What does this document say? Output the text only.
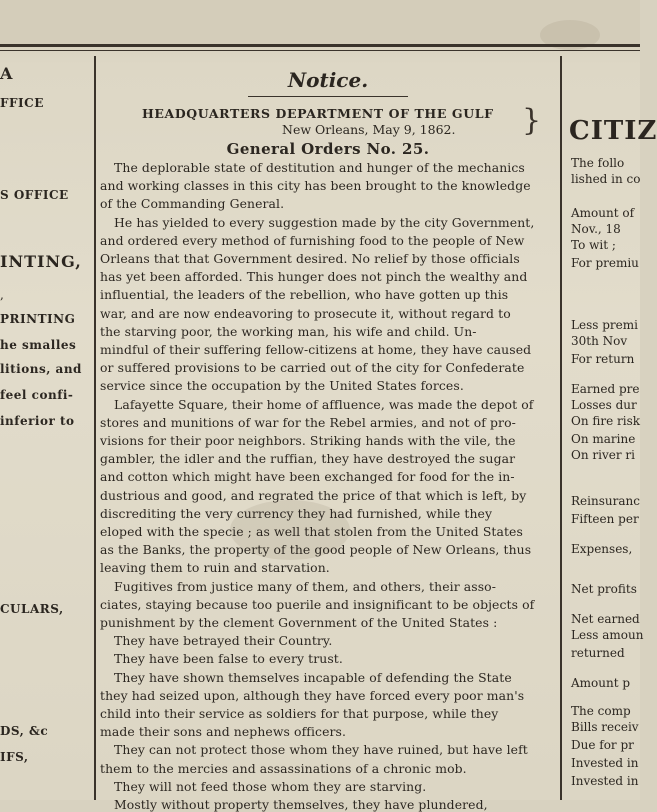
A
FFICE
S OFFICE
INTING,
,
PRINTING
he smalles
litions, and
feel confi-
inferior to
CULARS,
DS, &c
IFS,
CITIZ
The follo
lished in co
Amount of
Nov., 18
To wit ;
For premiu
Less premi
30th Nov
For return
Earned pre
Losses dur
On fire risk
On marine
On river ri
Reinsuranc
Fifteen per
Expenses,
Net profits
Net earned
Less amoun
returned
Amount p
The comp
Bills receiv
Due for pr
Invested in
Invested in
Notice.
HEADQUARTERS DEPARTMENT OF THE GULF
New Orleans, May 9, 1862. }
General Orders No. 25.
The deplorable state of destitution and hunger of the mechanics
and working classes in this city has been brought to the knowledge
of the Commanding General.
He has yielded to every suggestion made by the city Government,
and ordered every method of furnishing food to the people of New
Orleans that that Government desired. No relief by those officials
has yet been afforded. This hunger does not pinch the wealthy and
influential, the leaders of the rebellion, who have gotten up this
war, and are now endeavoring to prosecute it, without regard to
the starving poor, the working man, his wife and child. Un-
mindful of their suffering fellow-citizens at home, they have caused
or suffered provisions to be carried out of the city for Confederate
service since the occupation by the United States forces.
Lafayette Square, their home of affluence, was made the depot of
stores and munitions of war for the Rebel armies, and not of pro-
visions for their poor neighbors. Striking hands with the vile, the
gambler, the idler and the ruffian, they have destroyed the sugar
and cotton which might have been exchanged for food for the in-
dustrious and good, and regrated the price of that which is left, by
discrediting the very currency they had furnished, while they
eloped with the specie ; as well that stolen from the United States
as the Banks, the property of the good people of New Orleans, thus
leaving them to ruin and starvation.
Fugitives from justice many of them, and others, their asso-
ciates, staying because too puerile and insignificant to be objects of
punishment by the clement Government of the United States :
They have betrayed their Country.
They have been false to every trust.
They have shown themselves incapable of defending the State
they had seized upon, although they have forced every poor man's
child into their service as soldiers for that purpose, while they
made their sons and nephews officers.
They can not protect those whom they have ruined, but have left
them to the mercies and assassinations of a chronic mob.
They will not feed those whom they are starving.
Mostly without property themselves, they have plundered,
